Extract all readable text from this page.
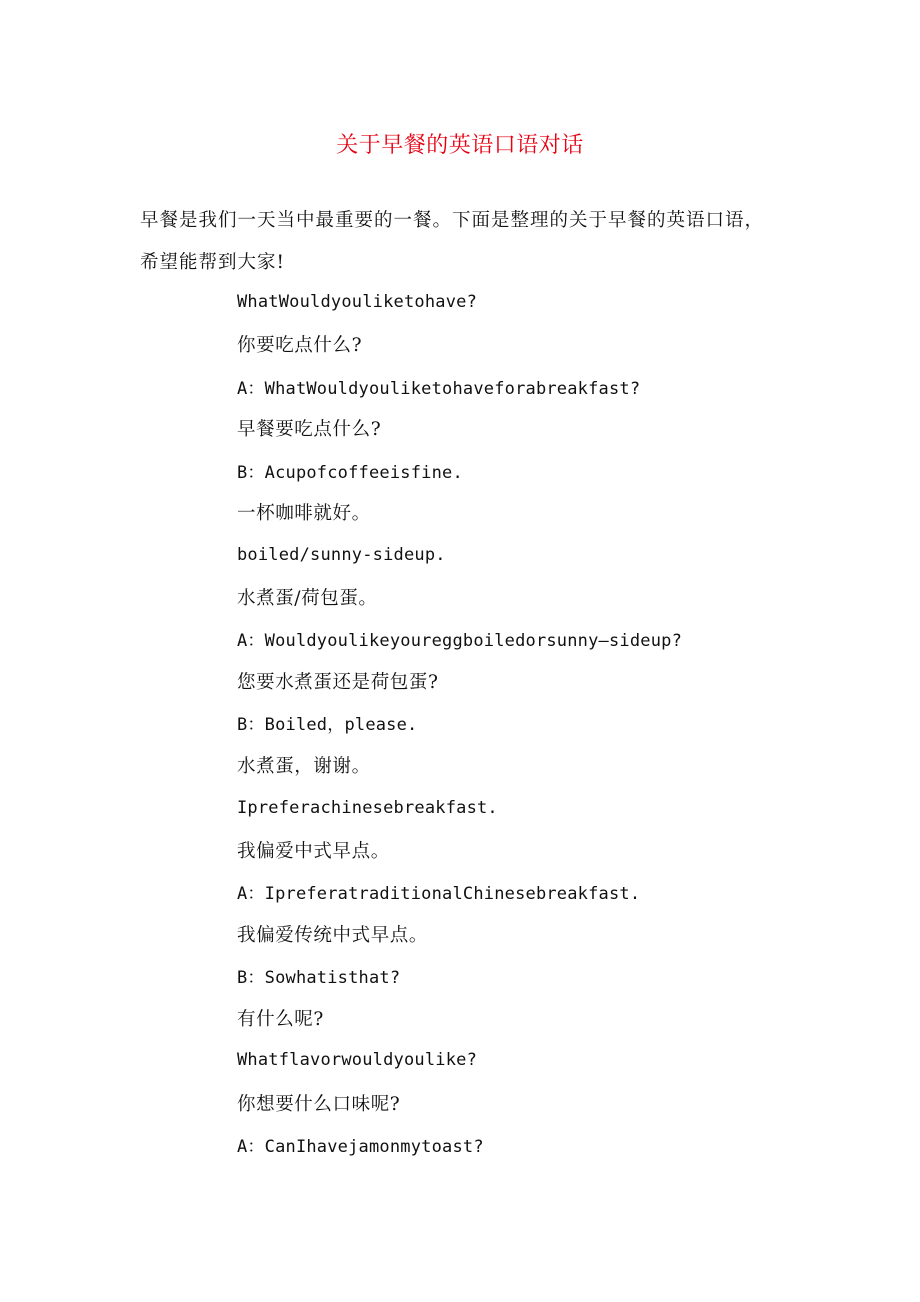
关于早餐的英语口语对话

早餐是我们一天当中最重要的一餐。下面是整理的关于早餐的英语口语，希望能帮到大家!

WhatWouldyouliketohave?
你要吃点什么?
A：WhatWouldyouliketohaveforabreakfast?
早餐要吃点什么?
B：Acupofcoffeeisfine.
一杯咖啡就好。
boiled/sunny-sideup.
水煮蛋/荷包蛋。
A：Wouldyoulikeyoureggboiledorsunny—sideup?
您要水煮蛋还是荷包蛋?
B：Boiled，please.
水煮蛋，谢谢。
Ipreferachinesebreakfast.
我偏爱中式早点。
A：IpreferatraditionalChinesebreakfast.
我偏爱传统中式早点。
B：Sowhatisthat?
有什么呢?
Whatflavorwouldyoulike?
你想要什么口味呢?
A：CanIhavejamonmytoast?
